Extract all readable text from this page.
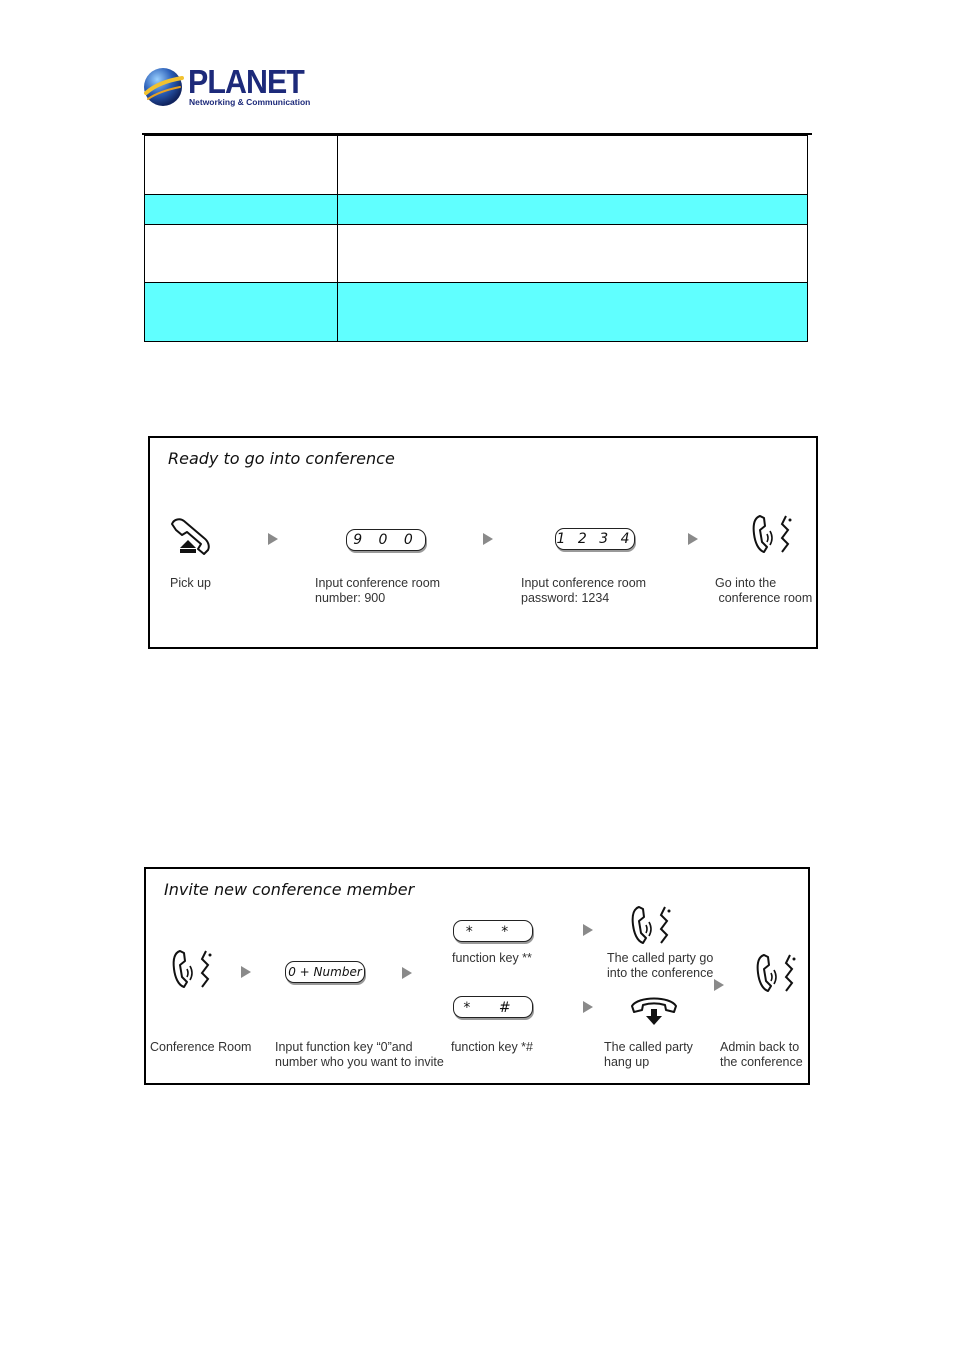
PLANET
Networking & Communication

Ready to go into conference
Pick up
9 0 0
Input conference room
number: 900
1 2 3 4
Input conference room
password: 1234
Go into the
conference room
Invite new conference member
Conference Room
0 + Number
Input function key “0”and
number who you want to invite
* *
function key **
* #
function key *#
The called party go
into the conference
The called party
hang up
Admin back to
the conference
